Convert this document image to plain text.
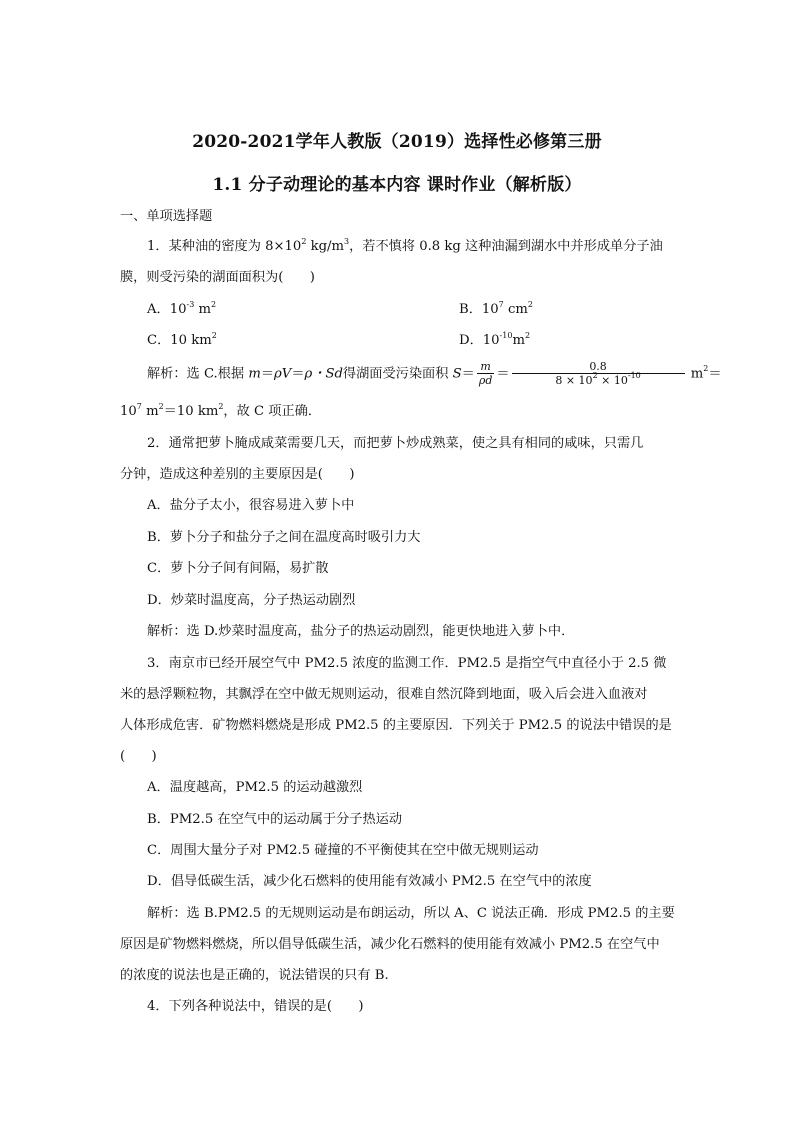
2020-2021学年人教版（2019）选择性必修第三册
1.1 分子动理论的基本内容 课时作业（解析版）
一、单项选择题
1．某种油的密度为 $8\times 10^2$ $kg/m^3$，若不慎将 0.8 kg 这种油漏到湖水中并形成单分子油
膜，则受污染的湖面面积为(　　)
A．$10^{-3}$ $m^2$	B．$10^7$ $cm^2$
C．10 $km^2$	D．$10^{-10}m^2$
解析：选 C.根据 m＝ρV＝ρ・Sd得湖面受污染面积 $S= \frac{m}{\rho d} = \frac{0.8}{8 \times 10^2 \times 10^{-10}} m^2=$
$10^7$ $m^2=10$ $km^2$，故 C 项正确．
2．通常把萝卜腌成咸菜需要几天，而把萝卜炒成熟菜，使之具有相同的咸味，只需几
分钟，造成这种差别的主要原因是(　　)
A．盐分子太小，很容易进入萝卜中
B．萝卜分子和盐分子之间在温度高时吸引力大
C．萝卜分子间有间隔，易扩散
D．炒菜时温度高，分子热运动剧烈
解析：选 D.炒菜时温度高，盐分子的热运动剧烈，能更快地进入萝卜中．
3．南京市已经开展空气中 PM2.5 浓度的监测工作．PM2.5 是指空气中直径小于 2.5 微
米的悬浮颗粒物，其飘浮在空中做无规则运动，很难自然沉降到地面，吸入后会进入血液对
人体形成危害．矿物燃料燃烧是形成 PM2.5 的主要原因．下列关于 PM2.5 的说法中错误的是
(　　)
A．温度越高，PM2.5 的运动越激烈
B．PM2.5 在空气中的运动属于分子热运动
C．周围大量分子对 PM2.5 碰撞的不平衡使其在空中做无规则运动
D．倡导低碳生活，减少化石燃料的使用能有效减小 PM2.5 在空气中的浓度
解析：选 B.PM2.5 的无规则运动是布朗运动，所以 A、C 说法正确．形成 PM2.5 的主要
原因是矿物燃料燃烧，所以倡导低碳生活，减少化石燃料的使用能有效减小 PM2.5 在空气中
的浓度的说法也是正确的，说法错误的只有 B.
4．下列各种说法中，错误的是(　　)
